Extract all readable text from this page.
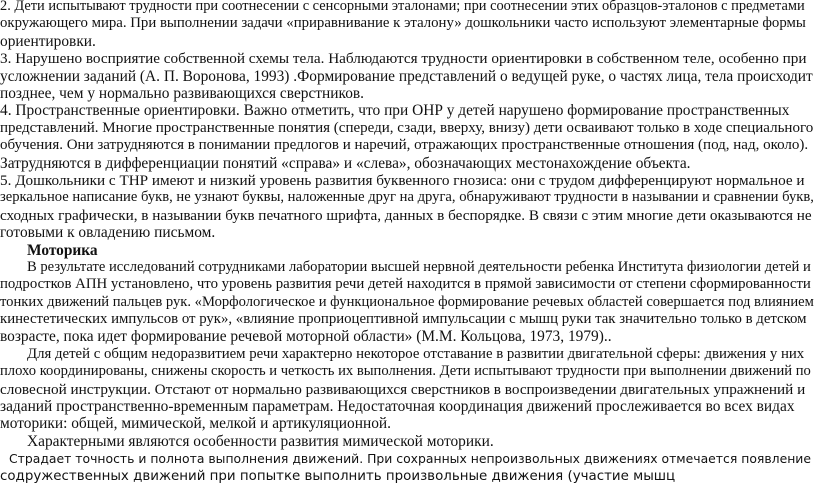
2. Дети испытывают трудности при соотнесении с сенсорными эталонами; при соотнесении этих образцов-эталонов с предметами
окружающего мира. При выполнении задачи «приравнивание к эталону» дошкольники часто используют элементарные формы
ориентировки.
3. Нарушено восприятие собственной схемы тела. Наблюдаются трудности ориентировки в собственном теле, особенно при
усложнении заданий (А. П. Воронова, 1993) .Формирование представлений о ведущей руке, о частях лица, тела происходит
позднее, чем у нормально развивающихся сверстников.
4. Пространственные ориентировки. Важно отметить, что при ОНР у детей нарушено формирование пространственных
представлений. Многие пространственные понятия (спереди, сзади, вверху, внизу) дети осваивают только в ходе специального
обучения. Они затрудняются в понимании предлогов и наречий, отражающих пространственные отношения (под, над, около).
Затрудняются в дифференциации понятий «справа» и «слева», обозначающих местонахождение объекта.
5. Дошкольники с ТНР имеют и низкий уровень развития буквенного гнозиса: они с трудом дифференцируют нормальное и
зеркальное написание букв, не узнают буквы, наложенные друг на друга, обнаруживают трудности в назывании и сравнении букв,
сходных графически, в назывании букв печатного шрифта, данных в беспорядке. В связи с этим многие дети оказываются не
готовыми к овладению письмом.
Моторика
В результате исследований сотрудниками лаборатории высшей нервной деятельности ребенка Института физиологии детей и
подростков АПН установлено, что уровень развития речи детей находится в прямой зависимости от степени сформированности
тонких движений пальцев рук. «Морфологическое и функциональное формирование речевых областей совершается под влиянием
кинестетических импульсов от рук», «влияние проприоцептивной импульсации с мышц руки так значительно только в детском
возрасте, пока идет формирование речевой моторной области» (М.М. Кольцова, 1973, 1979)..
Для детей с общим недоразвитием речи характерно некоторое отставание в развитии двигательной сферы: движения у них
плохо координированы, снижены скорость и четкость их выполнения. Дети испытывают трудности при выполнении движений по
словесной инструкции. Отстают от нормально развивающихся сверстников в воспроизведении двигательных упражнений и
заданий пространственно-временным параметрам. Недостаточная координация движений прослеживается во всех видах
моторики: общей, мимической, мелкой и артикуляционной.
Характерными являются особенности развития мимической моторики.
Страдает точность и полнота выполнения движений. При сохранных непроизвольных движениях отмечается появление
содружественных движений при попытке выполнить произвольные движения (участие мышц
